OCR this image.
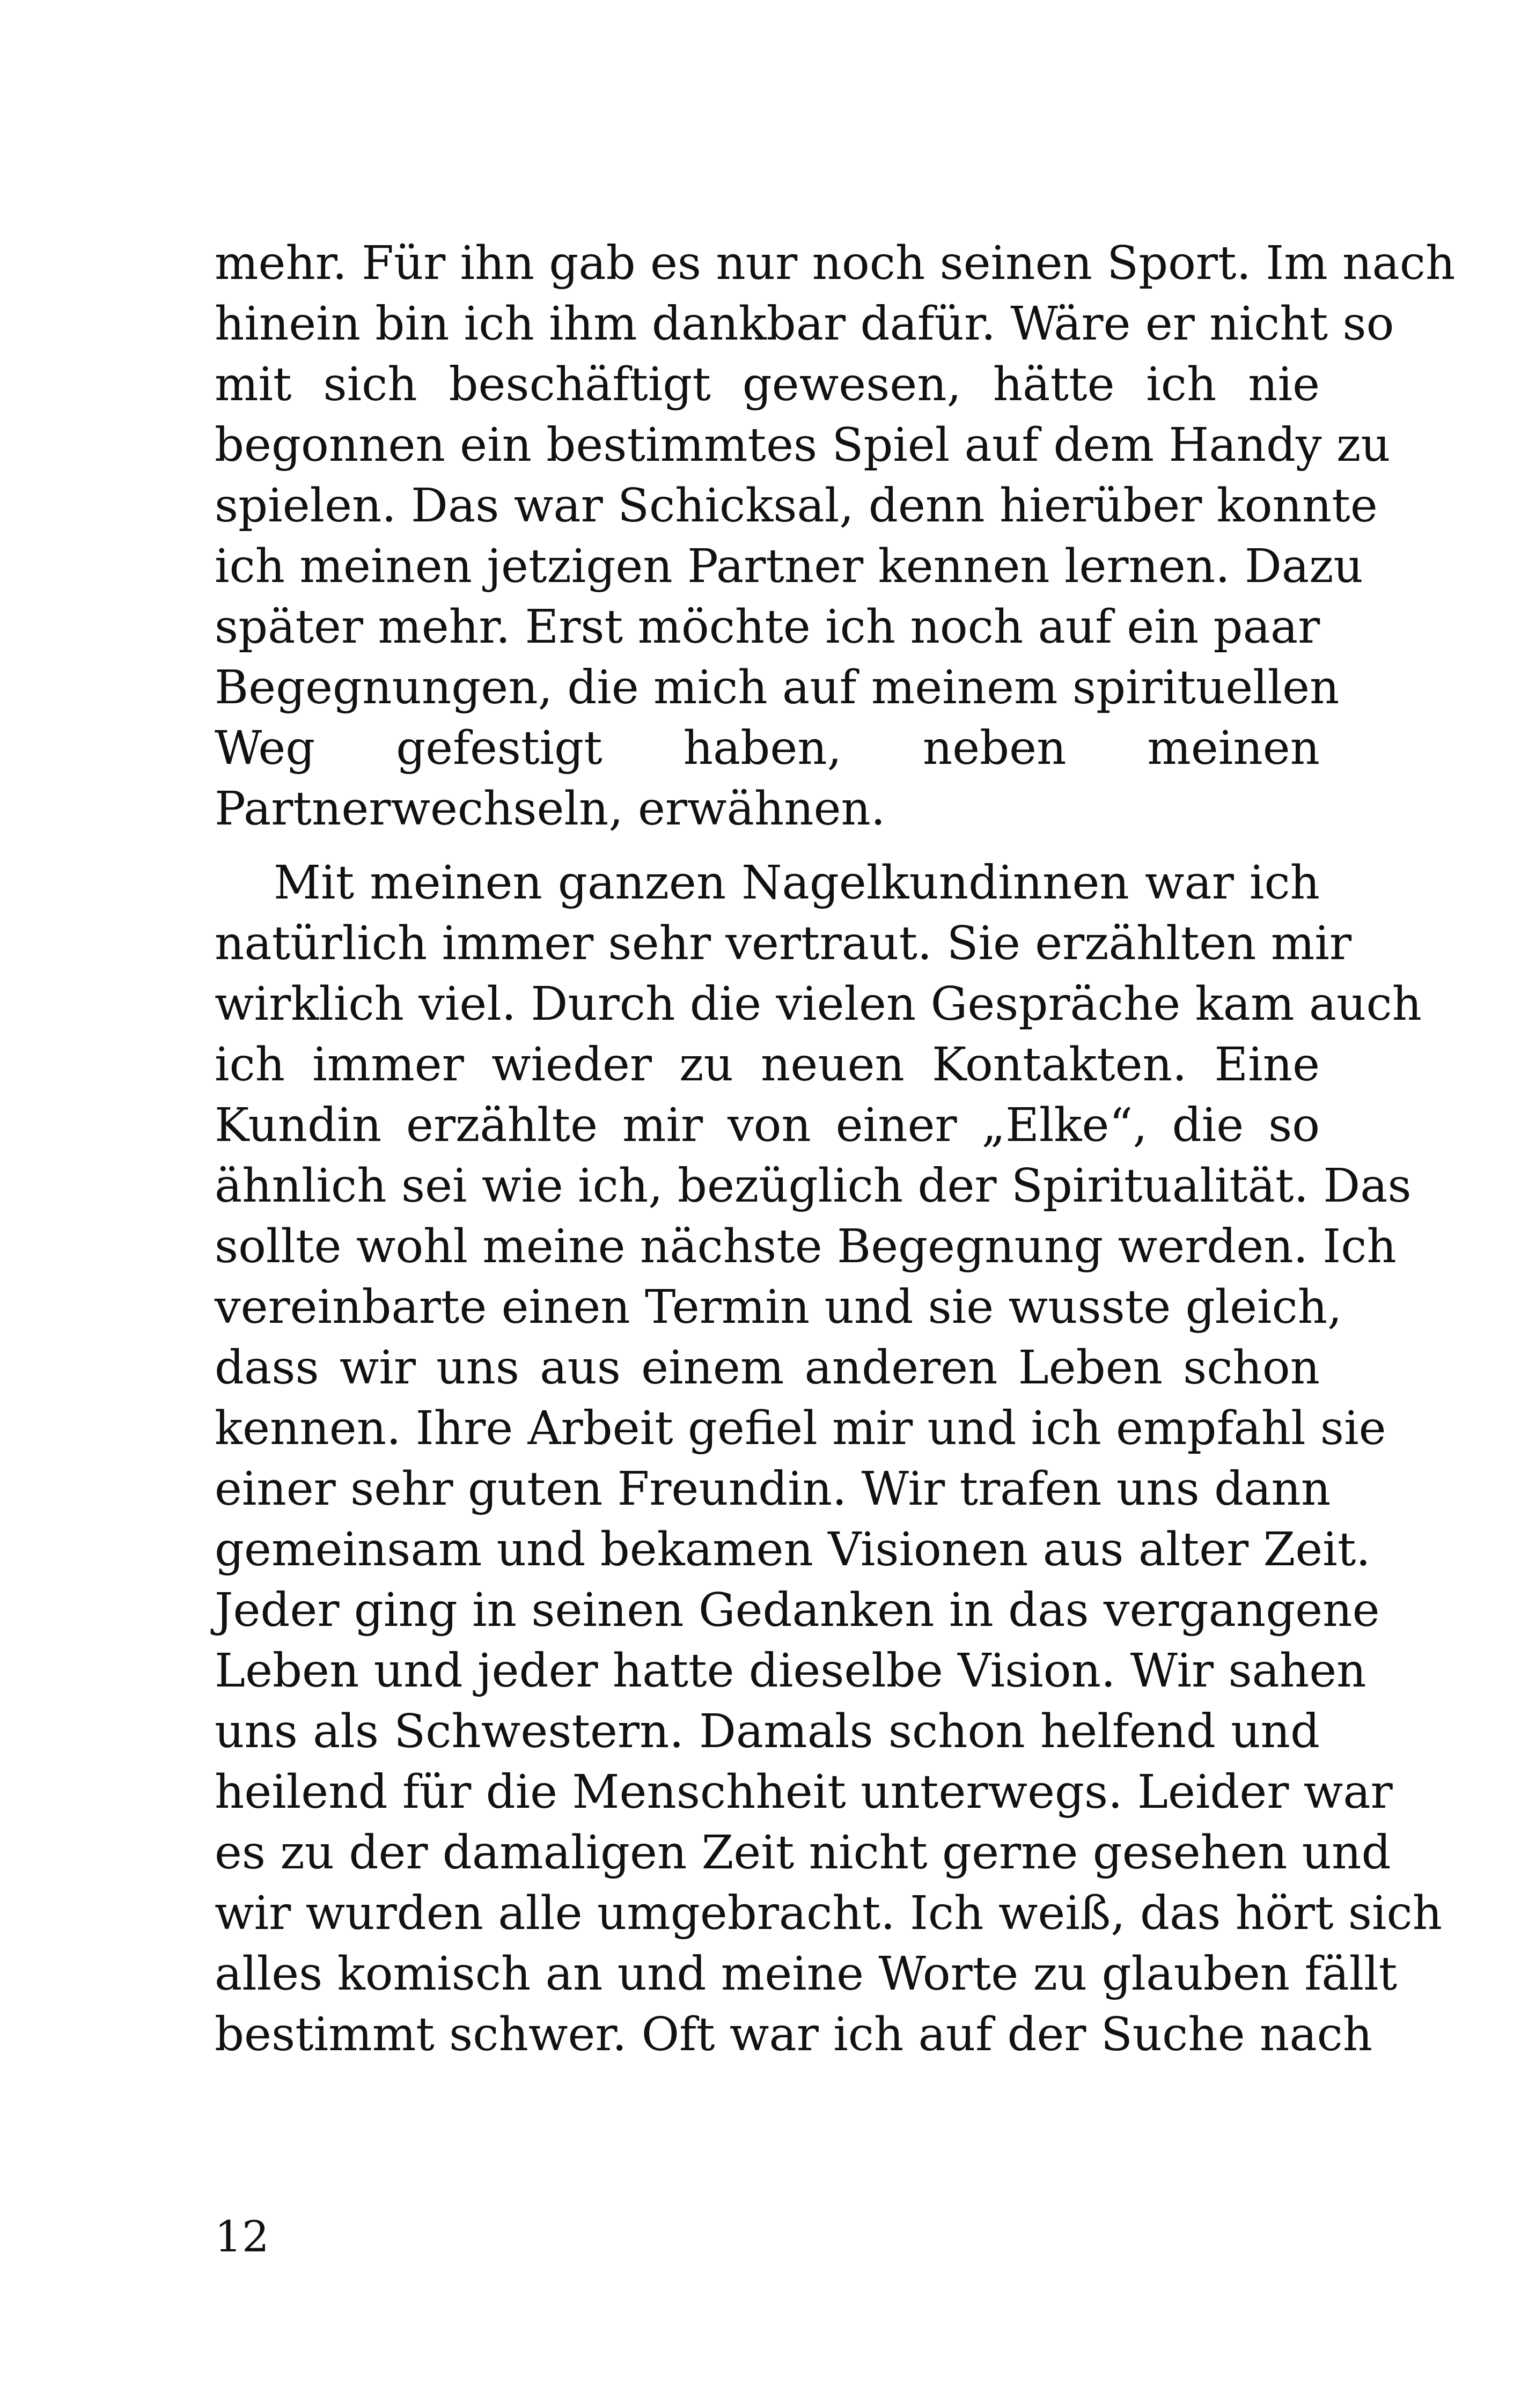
mehr. Für ihn gab es nur noch seinen Sport. Im nach
hinein bin ich ihm dankbar dafür. Wäre er nicht so
mit sich beschäftigt gewesen, hätte ich nie
begonnen ein bestimmtes Spiel auf dem Handy zu
spielen. Das war Schicksal, denn hierüber konnte
ich meinen jetzigen Partner kennen lernen. Dazu
später mehr. Erst möchte ich noch auf ein paar
Begegnungen, die mich auf meinem spirituellen
Weg gefestigt haben, neben meinen
Partnerwechseln, erwähnen.
Mit meinen ganzen Nagelkundinnen war ich
natürlich immer sehr vertraut. Sie erzählten mir
wirklich viel. Durch die vielen Gespräche kam auch
ich immer wieder zu neuen Kontakten. Eine
Kundin erzählte mir von einer „Elke“, die so
ähnlich sei wie ich, bezüglich der Spiritualität. Das
sollte wohl meine nächste Begegnung werden. Ich
vereinbarte einen Termin und sie wusste gleich,
dass wir uns aus einem anderen Leben schon
kennen. Ihre Arbeit gefiel mir und ich empfahl sie
einer sehr guten Freundin. Wir trafen uns dann
gemeinsam und bekamen Visionen aus alter Zeit.
Jeder ging in seinen Gedanken in das vergangene
Leben und jeder hatte dieselbe Vision. Wir sahen
uns als Schwestern. Damals schon helfend und
heilend für die Menschheit unterwegs. Leider war
es zu der damaligen Zeit nicht gerne gesehen und
wir wurden alle umgebracht. Ich weiß, das hört sich
alles komisch an und meine Worte zu glauben fällt
bestimmt schwer. Oft war ich auf der Suche nach
12
